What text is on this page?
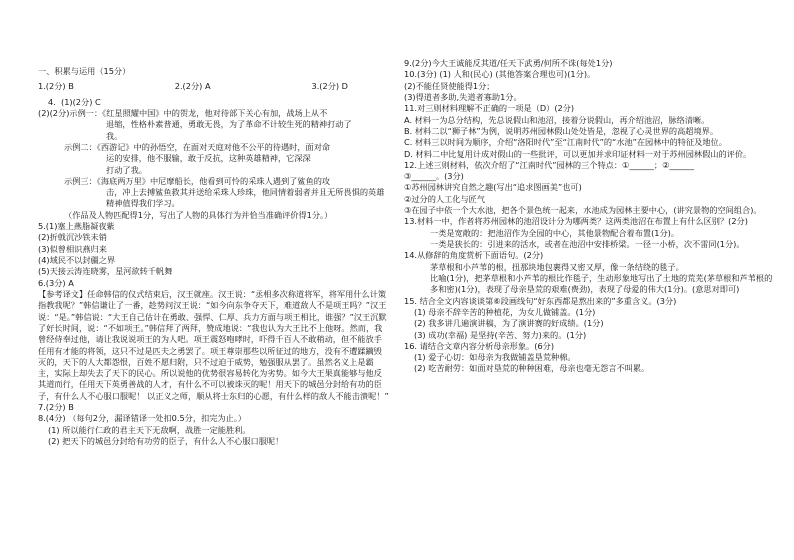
一、积累与运用（15分）
1.(2分) B	2.(2分) A	3.(2分) D
4.  (1)(2分) C
(2)(2分)示例一：《红星照耀中国》中的贺龙，他对待部下关心有加，战场上从不
退缩，性格朴素普通，勇敢无畏，为了革命不计较生死的精神打动了
我。
示例二：《西游记》中的孙悟空，在面对天庭对他不公平的待遇时，面对命
运的安排，他不服输，敢于反抗，这种英雄精神，它深深
打动了我。
示例三：《海底两万里》中尼摩船长，他看到可怜的采珠人遇到了鲨鱼的攻
击，冲上去搏鲨鱼救其并送给采珠人珍珠，他同情着弱者并且无所畏惧的英雄精神值得我们学习。
（作品及人物匹配得1分，写出了人物的具体行为并恰当准确评价得1分。）
5.(1)塞上燕脂凝夜紫
(2)折戟沉沙铁未销
(3)似曾相识燕归来
(4)域民不以封疆之界
(5)天接云涛连晓雾，星河欲转千帆舞
6.(3分) A
【参考译文】任命韩信的仪式结束后，汉王就座。汉王说：“丞相多次称道将军，将军用什么计策指教我呢？”韩信谦让了一番，趁势问汉王说：“如今向东争夺天下，难道敌人不是项王吗？”汉王说：“是。”韩信说：“大王自己估计在勇敢、强悍、仁厚、兵力方面与项王相比，谁强？”汉王沉默了好长时间，说：“不如项王。”韩信拜了两拜，赞成地说：“我也认为大王比不上他呀。然而，我曾经侍奉过他，请让我说说项王的为人吧。项王震怒咆哮时，吓得千百人不敢稍动，但不能放手任用有才能的将领，这只不过是匹夫之勇罢了。项王尊崇那些以所征过的地方，没有不遭蹂躏毁灭的，天下的人大都怨恨，百姓不愿归附，只不过迫于威势，勉强服从罢了。虽然名义上是霸主，实际上却失去了天下的民心。所以说他的优势很容易转化为劣势。如今大王果真能够与他反其道而行，任用天下英勇善战的人才，有什么不可以被诛灭的呢！用天下的城邑分封给有功的臣子，有什么人不心服口服呢！ 以正义之师，顺从将士东归的心愿，有什么样的敌人不能击溃呢！”
7.(2分) B
8.(4分) （每句2分，漏译错译一处扣0.5分，扣完为止。）
(1) 所以能行仁政的君主天下无敌啊，战胜一定能胜利。
(2) 把天下的城邑分封给有功劳的臣子，有什么人不心服口服呢！
9.(2分)今大王诚能反其道/任天下武勇/何所不诛(每处1分)
10.(3分) (1) 人和(民心) (其他答案合理也可)(1分)。
(2)不能任贤使能得1分；
(3)得道者多助,失道者寡助1分。
11.对三则材料理解不正确的一项是（D）(2分)
A. 材料一为总分结构，先总说假山和池沼，接着分说假山，再介绍池沼，脉络清晰。
B. 材料二以“狮子林”为例，说明苏州园林假山处处皆是，忽视了心灵世界的高超境界。
C. 材料三以时间为顺序，介绍“洛阳时代”至“江南时代”的“水池”在园林中的特征及地位。
D. 材料二中比复用计成对假山的一些批评，可以更加并求印证材料一对于苏州园林假山的评价。
12.上述三则材料，依次介绍了“江南时代”园林的三个特点：①______；②______
③______。(3分)
①苏州园林讲究自然之趣(写出“追求图画美”也可)
②过分的人工化与匠气
③在园子中依一个大水池，把各个景色统一起来，水池成为园林主要中心，(讲究景物的空间组合)。
13.材料一中，作者将苏州园林的池沼设计分为哪两类？这两类池沼在布置上有什么区别？(2分)
一类是宽敞的：把池沼作为全园的中心，其他景物配合着布置(1分)。
一类是狭长的：引进来的活水，或者在池沼中安排桥梁。一径一小桥，次不雷同(1分)。
14.从修辞的角度赏析下面语句。(2分)
茅草根和小芦苇的根，扭那块地包裹得又密又厚，像一条结绕的毯子。
比喻(1分)，把茅草根和小芦苇的根比作毯子，生动形象地写出了土地的荒芜(茅草根和芦苇根的多和密)(1分)，表现了母亲垦荒的艰难(费劲)，表现了母爱的伟大(1分)。(意思对即可)
15. 结合全文内容谈谈第⑥段画线句“好东西都是熬出来的”多重含义。(3分)
(1) 母亲不辞辛苦的种植花，为女儿做铺盖。(1分)
(2) 我多讲几遍演讲稿，为了演讲赛的好成绩。(1分)
(3) 成功(幸福) 是坚持(辛苦、努力)来的。(1分)
16. 请结合文章内容分析母亲形象。(6分)
(1) 爱子心切：如母亲为我做铺盖垦荒种棉。
(2) 吃苦耐劳：如面对垦荒的种种困难，母亲也毫无怨言不叫累。
